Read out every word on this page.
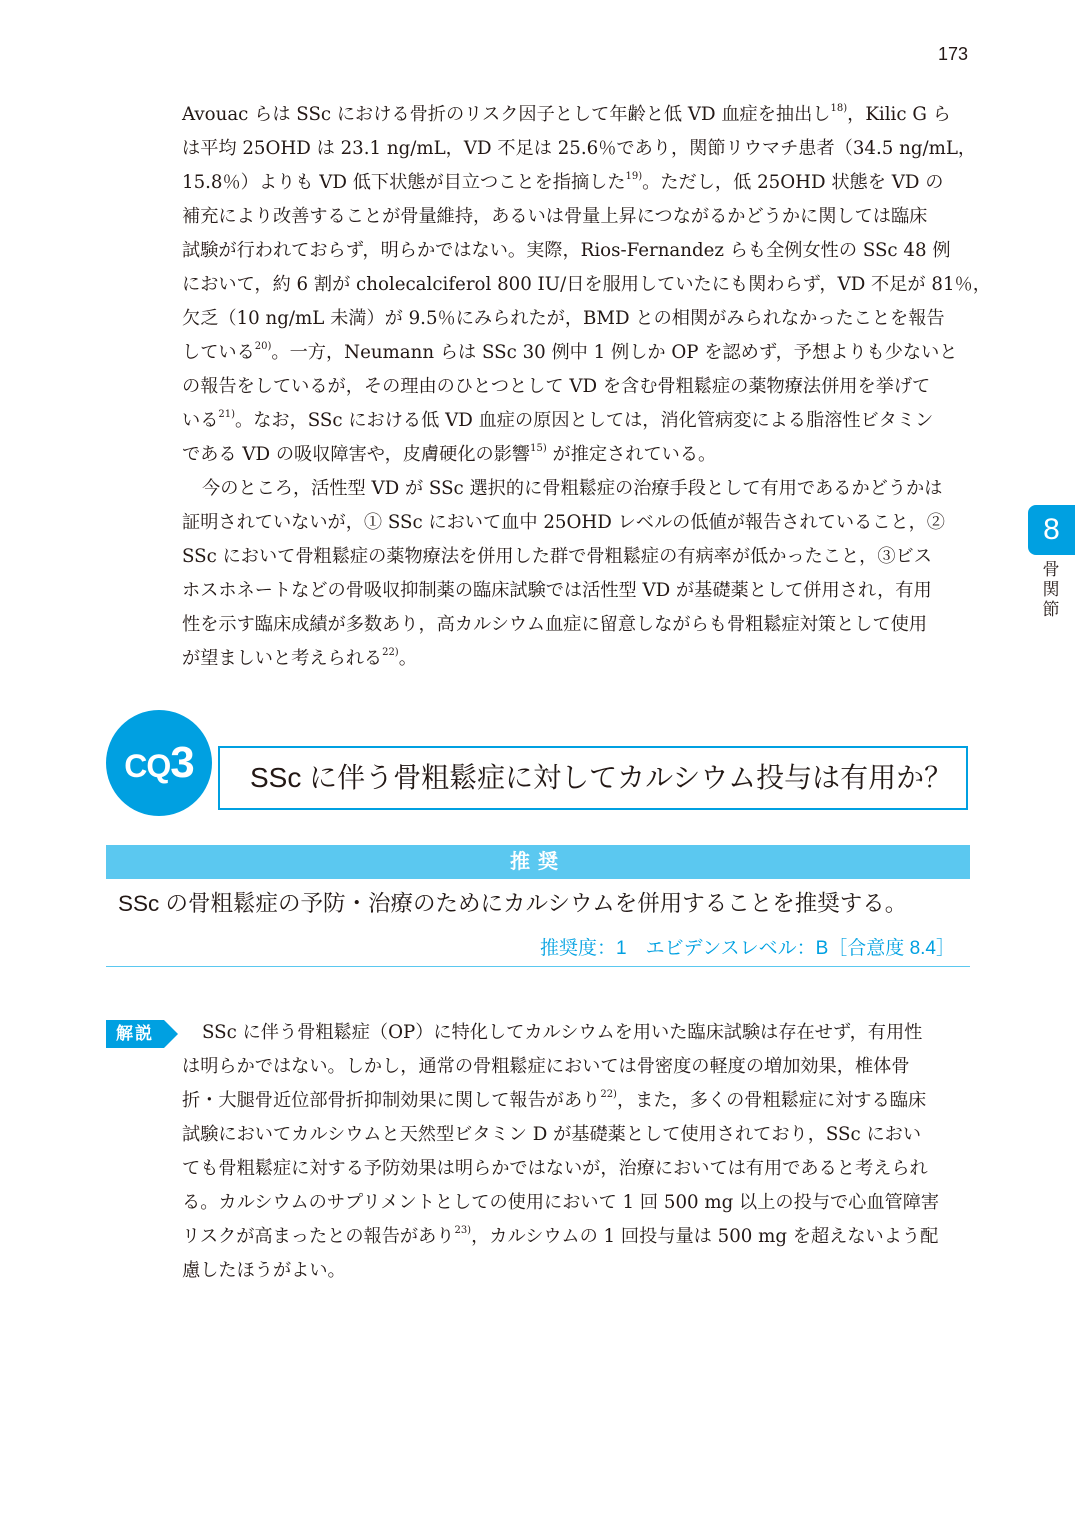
173
Avouac らは SSc における骨折のリスク因子として年齢と低 VD 血症を抽出し$^{18)}$，Kilic G ら
は平均 25OHD は 23.1 ng/mL，VD 不足は 25.6％であり，関節リウマチ患者（34.5 ng/mL，
15.8％）よりも VD 低下状態が目立つことを指摘した$^{19)}$。ただし，低 25OHD 状態を VD の
補充により改善することが骨量維持，あるいは骨量上昇につながるかどうかに関しては臨床
試験が行われておらず，明らかではない。実際，Rios-Fernandez らも全例女性の SSc 48 例
において，約 6 割が cholecalciferol 800 IU/日を服用していたにも関わらず，VD 不足が 81％，
欠乏（10 ng/mL 未満）が 9.5％にみられたが，BMD との相関がみられなかったことを報告
している$^{20)}$。一方，Neumann らは SSc 30 例中 1 例しか OP を認めず，予想よりも少ないと
の報告をしているが，その理由のひとつとして VD を含む骨粗鬆症の薬物療法併用を挙げて
いる$^{21)}$。なお，SSc における低 VD 血症の原因としては，消化管病変による脂溶性ビタミン
である VD の吸収障害や，皮膚硬化の影響$^{15)}$ が推定されている。
今のところ，活性型 VD が SSc 選択的に骨粗鬆症の治療手段として有用であるかどうかは
証明されていないが，① SSc において血中 25OHD レベルの低値が報告されていること，②
SSc において骨粗鬆症の薬物療法を併用した群で骨粗鬆症の有病率が低かったこと，③ビス
ホスホネートなどの骨吸収抑制薬の臨床試験では活性型 VD が基礎薬として併用され，有用
性を示す臨床成績が多数あり，高カルシウム血症に留意しながらも骨粗鬆症対策として使用
が望ましいと考えられる$^{22)}$。
8
骨
関
節
CQ3	SSc に伴う骨粗鬆症に対してカルシウム投与は有用か？
推奨
SSc の骨粗鬆症の予防・治療のためにカルシウムを併用することを推奨する。
推奨度：1　エビデンスレベル：B［合意度 8.4］
解説	SSc に伴う骨粗鬆症（OP）に特化してカルシウムを用いた臨床試験は存在せず，有用性
は明らかではない。しかし，通常の骨粗鬆症においては骨密度の軽度の増加効果，椎体骨
折・大腿骨近位部骨折抑制効果に関して報告があり$^{22)}$，また，多くの骨粗鬆症に対する臨床
試験においてカルシウムと天然型ビタミン D が基礎薬として使用されており，SSc におい
ても骨粗鬆症に対する予防効果は明らかではないが，治療においては有用であると考えられ
る。カルシウムのサプリメントとしての使用において 1 回 500 mg 以上の投与で心血管障害
リスクが高まったとの報告があり$^{23)}$，カルシウムの 1 回投与量は 500 mg を超えないよう配
慮したほうがよい。
